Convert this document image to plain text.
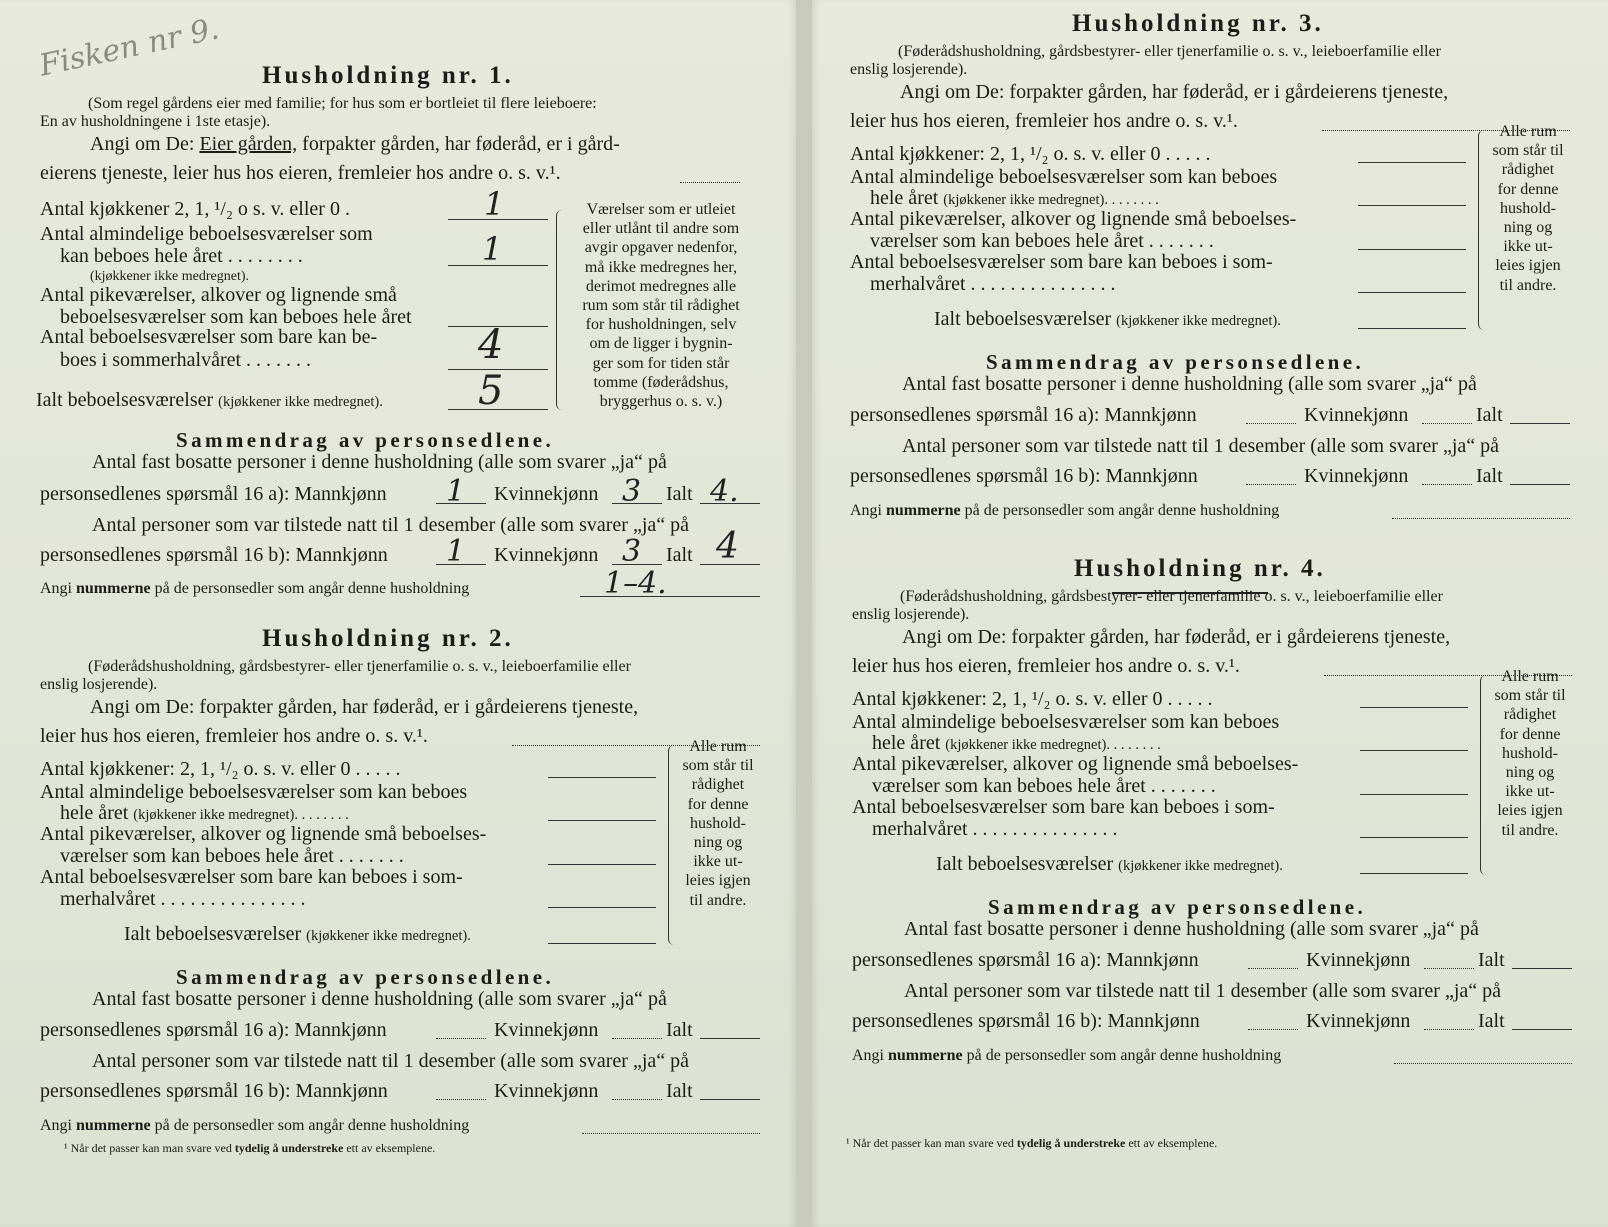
Fisken nr 9. Husholdning nr. 1.
(Som regel gårdens eier med familie; for hus som er bortleiet til flere leieboere:
En av husholdningene i 1ste etasje).
Angi om De: Eier gården, forpakter gården, har føderåd, er i gård-
eierens tjeneste, leier hus hos eieren, fremleier hos andre o. s. v.¹.
Antal kjøkkener 2, 1, ¹/₂ o s. v. eller 0 .	1
Antal almindelige beboelsesværelser som
kan beboes hele året . . . . . . . .	1
(kjøkkener ikke medregnet).
Antal pikeværelser, alkover og lignende små
beboelsesværelser som kan beboes hele året
Antal beboelsesværelser som bare kan be-
boes i sommerhalvåret . . . . . . .	4
Ialt beboelsesværelser (kjøkkener ikke medregnet). 5
Værelser som er utleiet
eller utlånt til andre som
avgir opgaver nedenfor,
må ikke medregnes her,
derimot medregnes alle
rum som står til rådighet
for husholdningen, selv
om de ligger i bygnin-
ger som for tiden står
tomme (føderådshus,
bryggerhus o. s. v.)
Sammendrag av personsedlene.
Antal fast bosatte personer i denne husholdning (alle som svarer „ja“ på
personsedlenes spørsmål 16 a): Mannkjønn 1 Kvinnekjønn 3 Ialt 4.
Antal personer som var tilstede natt til 1 desember (alle som svarer „ja“ på
personsedlenes spørsmål 16 b): Mannkjønn 1 Kvinnekjønn 3 Ialt 4
Angi nummerne på de personsedler som angår denne husholdning	1–4.
Husholdning nr. 2.
(Føderådshusholdning, gårdsbestyrer- eller tjenerfamilie o. s. v., leieboerfamilie eller
enslig losjerende).
Angi om De: forpakter gården, har føderåd, er i gårdeierens tjeneste,
leier hus hos eieren, fremleier hos andre o. s. v.¹.
Antal kjøkkener: 2, 1, ¹/₂ o. s. v. eller 0 . . . . .
Antal almindelige beboelsesværelser som kan beboes
hele året (kjøkkener ikke medregnet). . . . . . . .
Antal pikeværelser, alkover og lignende små beboelses-
værelser som kan beboes hele året . . . . . . .
Antal beboelsesværelser som bare kan beboes i som-
merhalvåret . . . . . . . . . . . . . . .
Ialt beboelsesværelser (kjøkkener ikke medregnet).
Alle rum
som står til
rådighet
for denne
hushold-
ning og
ikke ut-
leies igjen
til andre.
Sammendrag av personsedlene.
Antal fast bosatte personer i denne husholdning (alle som svarer „ja“ på
personsedlenes spørsmål 16 a): Mannkjønn	Kvinnekjønn	Ialt
Antal personer som var tilstede natt til 1 desember (alle som svarer „ja“ på
personsedlenes spørsmål 16 b): Mannkjønn	Kvinnekjønn	Ialt
Angi nummerne på de personsedler som angår denne husholdning
¹ Når det passer kan man svare ved tydelig å understreke ett av eksemplene.
Husholdning nr. 3.
(Føderådshusholdning, gårdsbestyrer- eller tjenerfamilie o. s. v., leieboerfamilie eller
enslig losjerende).
Angi om De: forpakter gården, har føderåd, er i gårdeierens tjeneste,
leier hus hos eieren, fremleier hos andre o. s. v.¹.
Antal kjøkkener: 2, 1, ¹/₂ o. s. v. eller 0 . . . . .
Antal almindelige beboelsesværelser som kan beboes
hele året (kjøkkener ikke medregnet). . . . . . . .
Antal pikeværelser, alkover og lignende små beboelses-
værelser som kan beboes hele året . . . . . . .
Antal beboelsesværelser som bare kan beboes i som-
merhalvåret . . . . . . . . . . . . . . .
Ialt beboelsesværelser (kjøkkener ikke medregnet).
Alle rum
som står til
rådighet
for denne
hushold-
ning og
ikke ut-
leies igjen
til andre.
Sammendrag av personsedlene.
Antal fast bosatte personer i denne husholdning (alle som svarer „ja“ på
personsedlenes spørsmål 16 a): Mannkjønn	Kvinnekjønn	Ialt
Antal personer som var tilstede natt til 1 desember (alle som svarer „ja“ på
personsedlenes spørsmål 16 b): Mannkjønn	Kvinnekjønn	Ialt
Angi nummerne på de personsedler som angår denne husholdning
Husholdning nr. 4.
(Føderådshusholdning, gårdsbestyrer- eller tjenerfamilie o. s. v., leieboerfamilie eller
enslig losjerende).
Angi om De: forpakter gården, har føderåd, er i gårdeierens tjeneste,
leier hus hos eieren, fremleier hos andre o. s. v.¹.
Antal kjøkkener: 2, 1, ¹/₂ o. s. v. eller 0 . . . . .
Antal almindelige beboelsesværelser som kan beboes
hele året (kjøkkener ikke medregnet). . . . . . . .
Antal pikeværelser, alkover og lignende små beboelses-
værelser som kan beboes hele året . . . . . . .
Antal beboelsesværelser som bare kan beboes i som-
merhalvåret . . . . . . . . . . . . . . .
Ialt beboelsesværelser (kjøkkener ikke medregnet).
Alle rum
som står til
rådighet
for denne
hushold-
ning og
ikke ut-
leies igjen
til andre.
Sammendrag av personsedlene.
Antal fast bosatte personer i denne husholdning (alle som svarer „ja“ på
personsedlenes spørsmål 16 a): Mannkjønn	Kvinnekjønn	Ialt
Antal personer som var tilstede natt til 1 desember (alle som svarer „ja“ på
personsedlenes spørsmål 16 b): Mannkjønn	Kvinnekjønn	Ialt
Angi nummerne på de personsedler som angår denne husholdning
¹ Når det passer kan man svare ved tydelig å understreke ett av eksemplene.
